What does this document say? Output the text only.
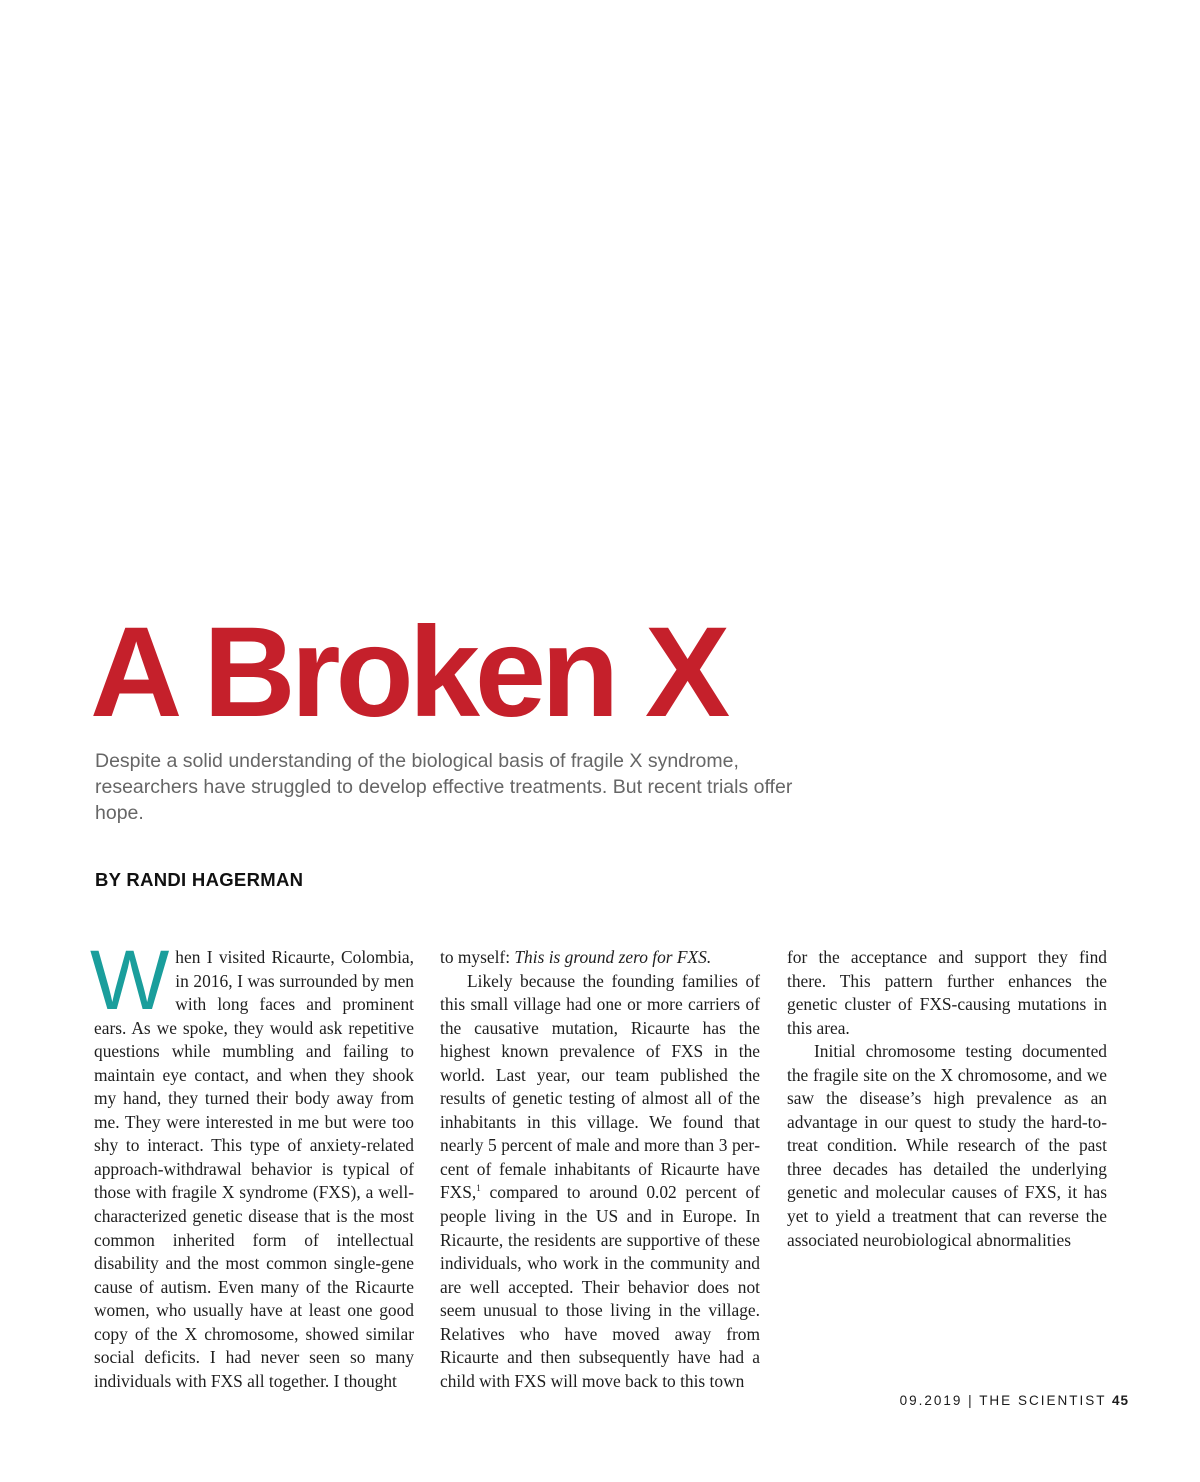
A Broken X

Despite a solid understanding of the biological basis of fragile X syndrome, researchers have struggled to develop effective treatments. But recent trials offer hope.

BY RANDI HAGERMAN

When I visited Ricaurte, Colombia, in 2016, I was surrounded by men with long faces and prominent ears. As we spoke, they would ask repetitive questions while mumbling and failing to maintain eye contact, and when they shook my hand, they turned their body away from me. They were interested in me but were too shy to interact. This type of anxiety-related approach-withdrawal behavior is typical of those with fragile X syndrome (FXS), a well-characterized genetic disease that is the most common inherited form of intellectual disability and the most common single-gene cause of autism. Even many of the Ricaurte women, who usually have at least one good copy of the X chromosome, showed similar social deficits. I had never seen so many individuals with FXS all together. I thought

to myself: This is ground zero for FXS.

Likely because the founding families of this small village had one or more carriers of the causative mutation, Ricaurte has the highest known prevalence of FXS in the world. Last year, our team published the results of genetic testing of almost all of the inhabitants in this village. We found that nearly 5 percent of male and more than 3 percent of female inhabitants of Ricaurte have FXS,$^1$ compared to around 0.02 percent of people living in the US and in Europe. In Ricaurte, the residents are supportive of these individuals, who work in the community and are well accepted. Their behavior does not seem unusual to those living in the village. Relatives who have moved away from Ricaurte and then subsequently have had a child with FXS will move back to this town

for the acceptance and support they find there. This pattern further enhances the genetic cluster of FXS-causing mutations in this area.

Initial chromosome testing documented the fragile site on the X chromosome, and we saw the disease’s high prevalence as an advantage in our quest to study the hard-to-treat condition. While research of the past three decades has detailed the underlying genetic and molecular causes of FXS, it has yet to yield a treatment that can reverse the associated neurobiological abnormalities

09.2019 | THE SCIENTIST 45
